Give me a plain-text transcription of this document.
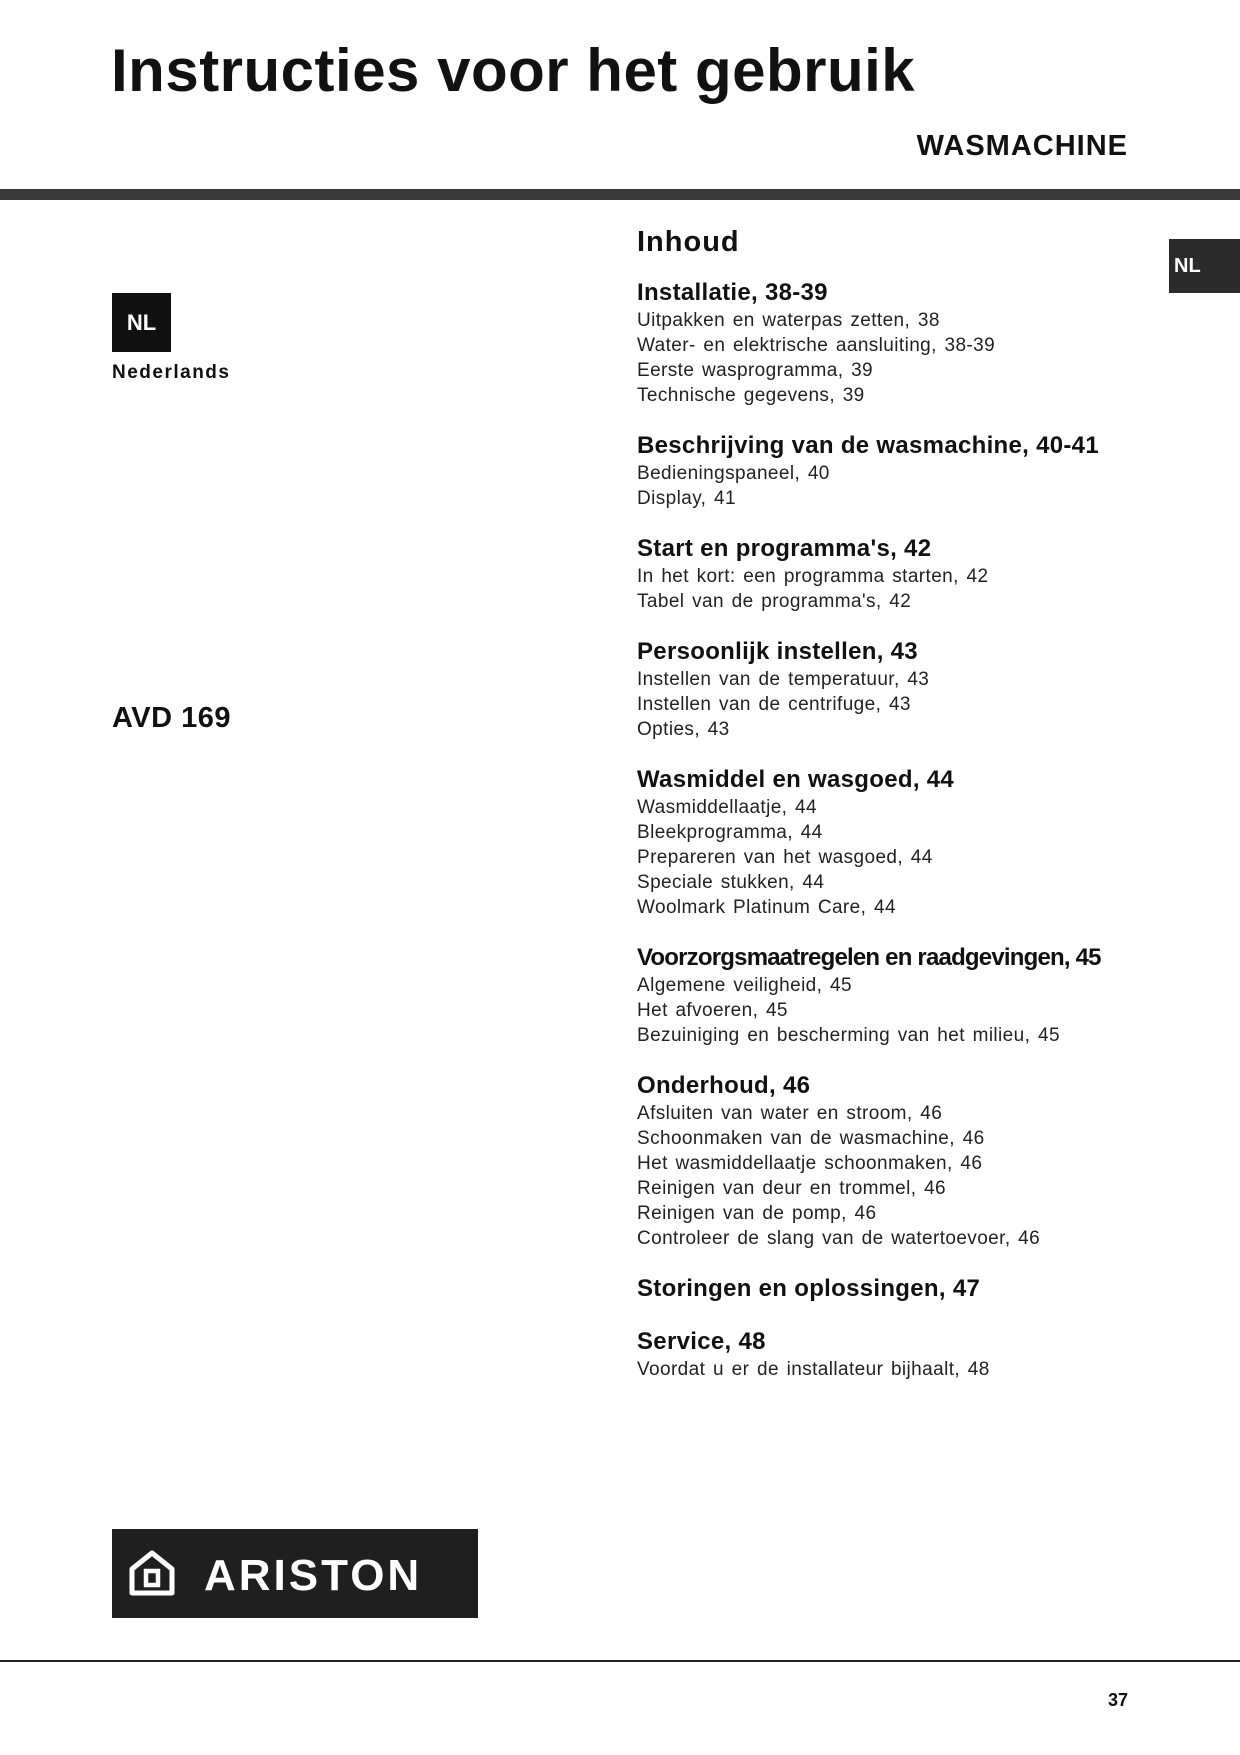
Instructies voor het gebruik
WASMACHINE
NL
NL
Nederlands
AVD 169
Inhoud
Installatie, 38-39
Uitpakken en waterpas zetten, 38
Water- en elektrische aansluiting, 38-39
Eerste wasprogramma, 39
Technische gegevens, 39
Beschrijving van de wasmachine, 40-41
Bedieningspaneel, 40
Display, 41
Start en programma's, 42
In het kort: een programma starten, 42
Tabel van de programma's, 42
Persoonlijk instellen, 43
Instellen van de temperatuur, 43
Instellen van de centrifuge, 43
Opties, 43
Wasmiddel en wasgoed, 44
Wasmiddellaatje, 44
Bleekprogramma, 44
Prepareren van het wasgoed, 44
Speciale stukken, 44
Woolmark Platinum Care, 44
Voorzorgsmaatregelen en raadgevingen, 45
Algemene veiligheid, 45
Het afvoeren, 45
Bezuiniging en bescherming van het milieu, 45
Onderhoud, 46
Afsluiten van water en stroom, 46
Schoonmaken van de wasmachine, 46
Het wasmiddellaatje schoonmaken, 46
Reinigen van deur en trommel, 46
Reinigen van de pomp, 46
Controleer de slang van de watertoevoer, 46
Storingen en oplossingen, 47
Service, 48
Voordat u er de installateur bijhaalt, 48
ARISTON
37
